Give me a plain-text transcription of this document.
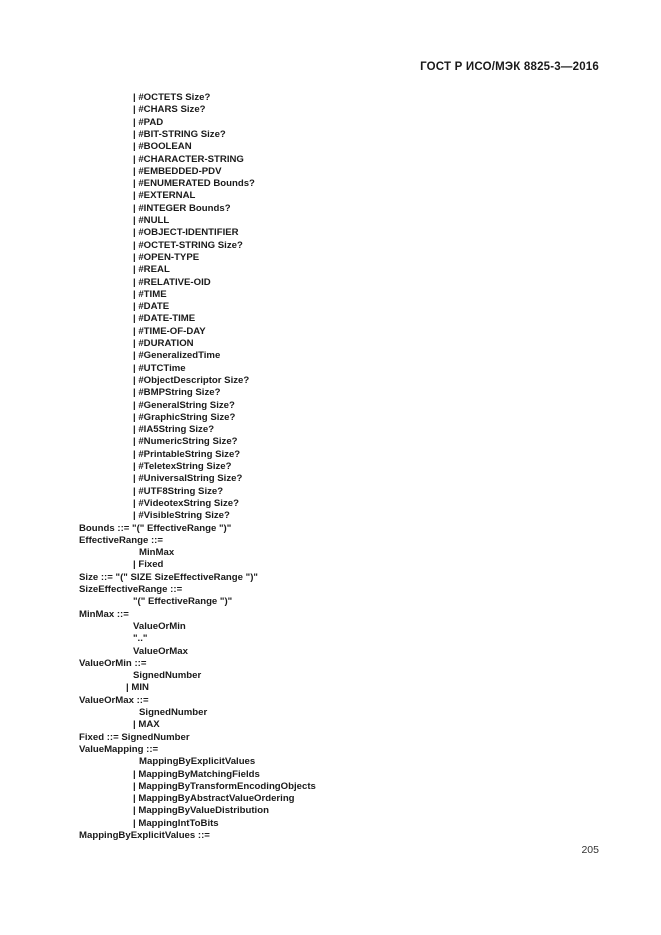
ГОСТ Р ИСО/МЭК 8825-3—2016
| #OCTETS Size?
| #CHARS Size?
| #PAD
| #BIT-STRING Size?
| #BOOLEAN
| #CHARACTER-STRING
| #EMBEDDED-PDV
| #ENUMERATED Bounds?
| #EXTERNAL
| #INTEGER Bounds?
| #NULL
| #OBJECT-IDENTIFIER
| #OCTET-STRING Size?
| #OPEN-TYPE
| #REAL
| #RELATIVE-OID
| #TIME
| #DATE
| #DATE-TIME
| #TIME-OF-DAY
| #DURATION
| #GeneralizedTime
| #UTCTime
| #ObjectDescriptor Size?
| #BMPString Size?
| #GeneralString Size?
| #GraphicString Size?
| #IA5String Size?
| #NumericString Size?
| #PrintableString Size?
| #TeletexString Size?
| #UniversalString Size?
| #UTF8String Size?
| #VideotexString Size?
| #VisibleString Size?
Bounds ::= "(" EffectiveRange ")"
EffectiveRange ::=
MinMax
| Fixed
Size ::= "(" SIZE SizeEffectiveRange ")"
SizeEffectiveRange ::=
"(" EffectiveRange ")"
MinMax ::=
ValueOrMin
".."
ValueOrMax
ValueOrMin ::=
SignedNumber
| MIN
ValueOrMax ::=
SignedNumber
| MAX
Fixed ::= SignedNumber
ValueMapping ::=
MappingByExplicitValues
| MappingByMatchingFields
| MappingByTransformEncodingObjects
| MappingByAbstractValueOrdering
| MappingByValueDistribution
| MappingIntToBits
MappingByExplicitValues ::=
205
